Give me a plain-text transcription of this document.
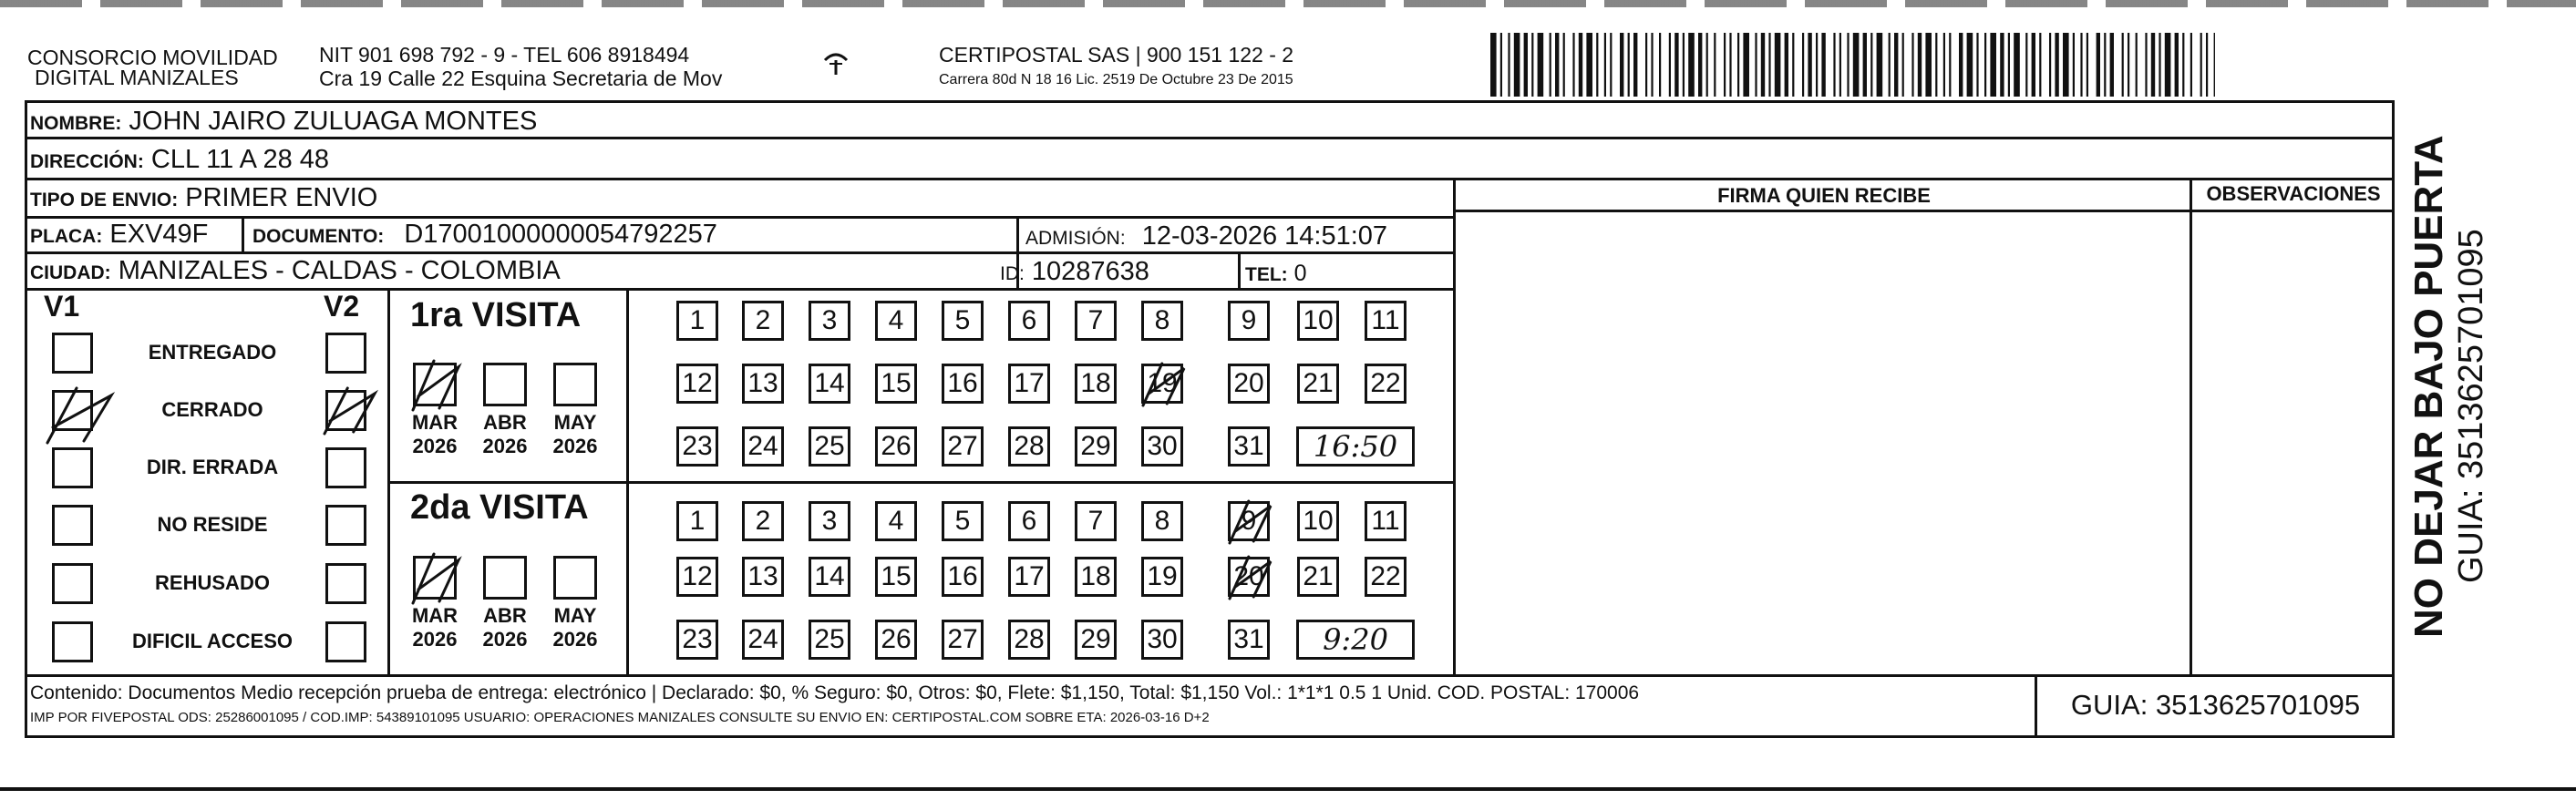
CONSORCIO MOVILIDAD
DIGITAL MANIZALES
NIT 901 698 792 - 9 - TEL 606 8918494
Cra 19 Calle 22 Esquina Secretaria de Mov
CERTIPOSTAL SAS | 900 151 122 - 2
Carrera 80d N 18 16 Lic. 2519 De Octubre 23 De 2015
NOMBRE: JOHN JAIRO ZULUAGA MONTES
DIRECCIÓN: CLL 11 A 28 48
TIPO DE ENVIO: PRIMER ENVIO	FIRMA QUIEN RECIBE	OBSERVACIONES
PLACA: EXV49F DOCUMENTO: D17001000000054792257	ADMISIÓN: 12-03-2026 14:51:07
CIUDAD: MANIZALES - CALDAS - COLOMBIA	ID: 10287638	TEL: 0
V1	V2
ENTREGADO
CERRADO
DIR. ERRADA
NO RESIDE
REHUSADO
DIFICIL ACCESO
1ra VISITA
2da VISITA
MAR
2026
ABR
2026
MAY
2026
MAR
2026
ABR
2026
MAY
2026
1	2	3	4	5	6	7	8	9	10 11
12 13 14 15 16 17 18 19 20 21 22
23 24 25 26 27 28 29 30 31	16:50
1	2	3	4	5	6	7	8	9	10 11
12 13 14 15 16 17 18 19 20 21 22
23 24 25 26 27 28 29 30 31	9:20
Contenido: Documentos Medio recepción prueba de entrega: electrónico | Declarado: $0, % Seguro: $0, Otros: $0, Flete: $1,150, Total: $1,150 Vol.: 1*1*1 0.5 1 Unid. COD. POSTAL: 170006
IMP POR FIVEPOSTAL ODS: 25286001095 / COD.IMP: 54389101095 USUARIO: OPERACIONES MANIZALES CONSULTE SU ENVIO EN: CERTIPOSTAL.COM SOBRE ETA: 2026-03-16 D+2	GUIA: 3513625701095
NO DEJAR BAJO PUERTA GUIA: 3513625701095
